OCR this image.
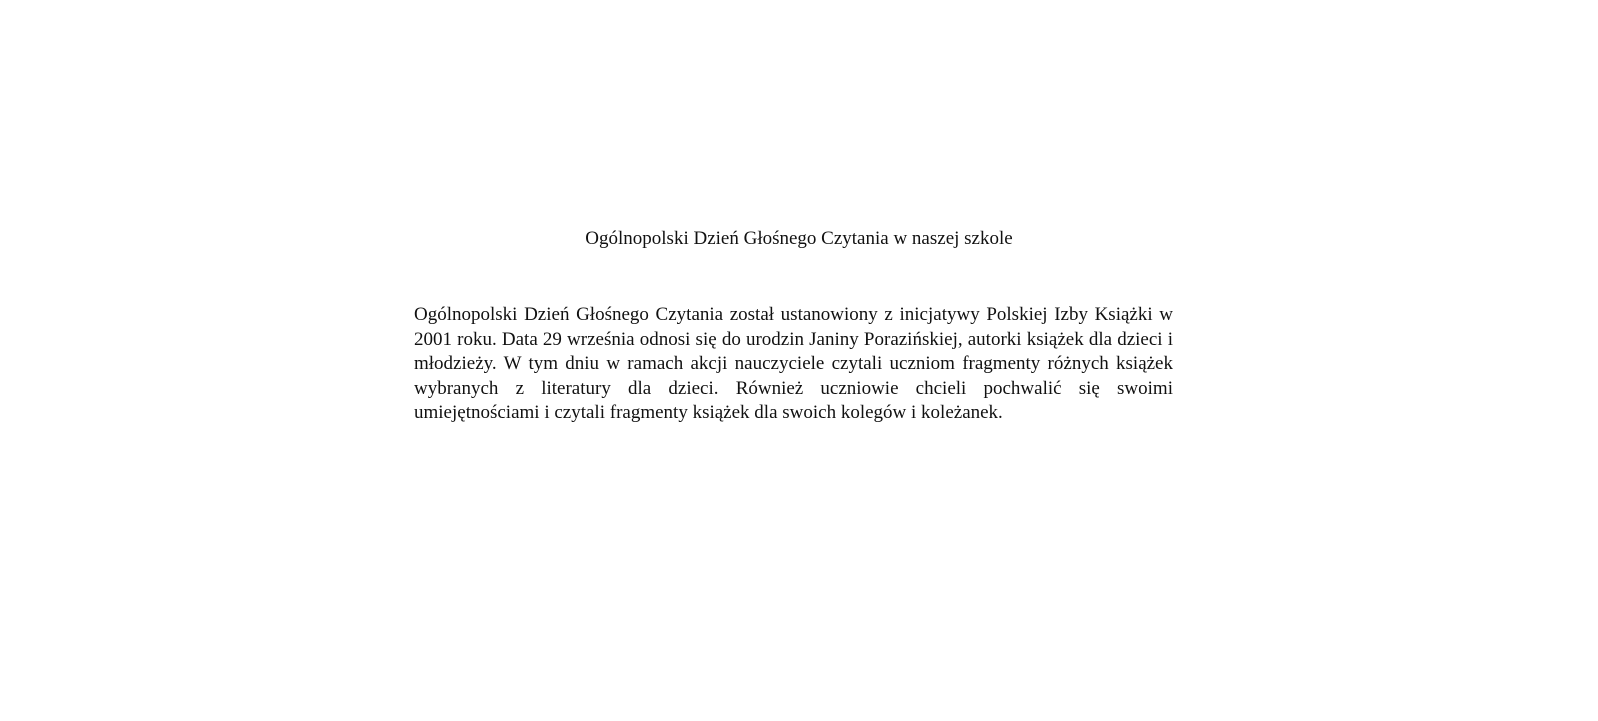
Ogólnopolski Dzień Głośnego Czytania w naszej szkole

Ogólnopolski Dzień Głośnego Czytania został ustanowiony z inicjatywy Polskiej Izby Książki w 2001 roku. Data 29 września odnosi się do urodzin Janiny Porazińskiej, autorki książek dla dzieci i młodzieży. W tym dniu w ramach akcji nauczyciele czytali uczniom fragmenty różnych książek wybranych z literatury dla dzieci. Również uczniowie chcieli pochwalić się swoimi umiejętnościami i czytali fragmenty książek dla swoich kolegów i koleżanek.
